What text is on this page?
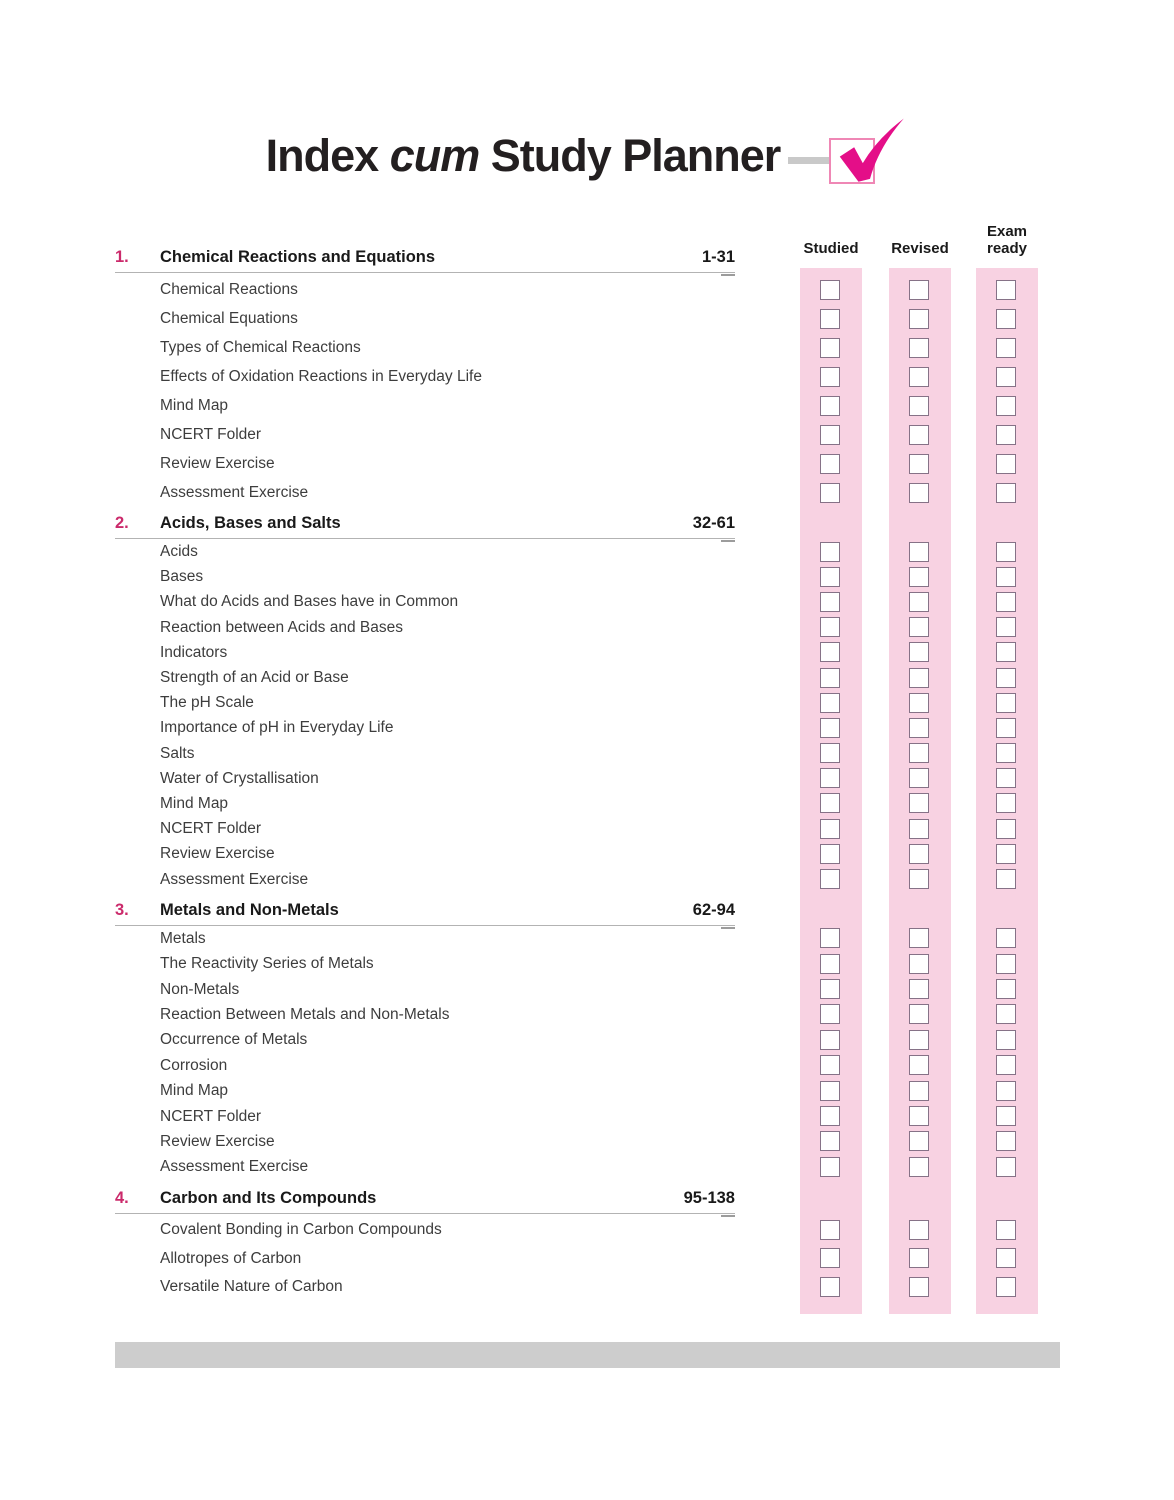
Index cum Study Planner
Studied	Revised
Exam ready
1.	Chemical Reactions and Equations	1-31
Chemical Reactions
Chemical Equations
Types of Chemical Reactions
Effects of Oxidation Reactions in Everyday Life
Mind Map
NCERT Folder
Review Exercise
Assessment Exercise
2.	Acids, Bases and Salts	32-61
Acids
Bases
What do Acids and Bases have in Common
Reaction between Acids and Bases
Indicators
Strength of an Acid or Base
The pH Scale
Importance of pH in Everyday Life
Salts
Water of Crystallisation
Mind Map
NCERT Folder
Review Exercise
Assessment Exercise
3.	Metals and Non-Metals	62-94
Metals
The Reactivity Series of Metals
Non-Metals
Reaction Between Metals and Non-Metals
Occurrence of Metals
Corrosion
Mind Map
NCERT Folder
Review Exercise
Assessment Exercise
4.	Carbon and Its Compounds	95-138
Covalent Bonding in Carbon Compounds
Allotropes of Carbon
Versatile Nature of Carbon
